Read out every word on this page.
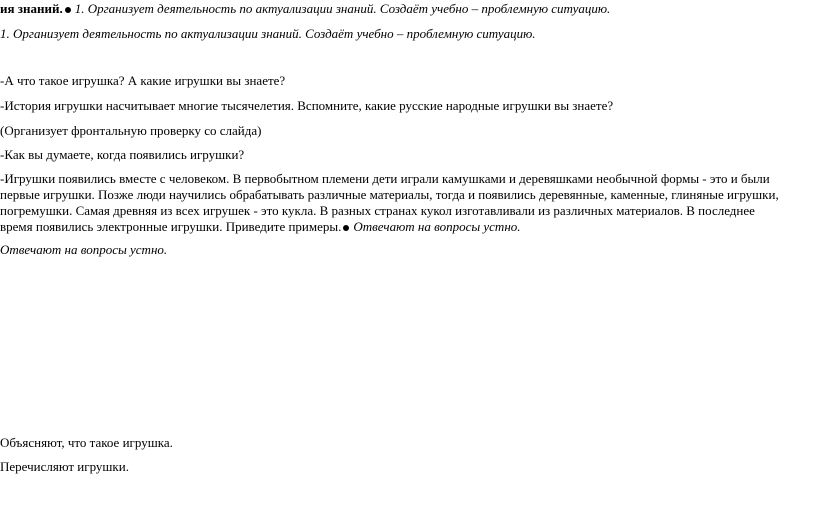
ия знаний. 1. Организует деятельность по актуализации знаний. Создаёт учебно – проблемную ситуацию.
1. Организует деятельность по актуализации знаний. Создаёт учебно – проблемную ситуацию.
-А что такое игрушка? А какие игрушки вы знаете?
-История игрушки насчитывает многие тысячелетия. Вспомните, какие русские народные игрушки вы знаете?
(Организует фронтальную проверку со слайда)
-Как вы думаете, когда появились игрушки?
-Игрушки появились вместе с человеком. В первобытном племени дети играли камушками и деревяшками необычной формы - это и были первые игрушки. Позже люди научились обрабатывать различные материалы, тогда и появились деревянные, каменные, глиняные игрушки, погремушки. Самая древняя из всех игрушек - это кукла. В разных странах кукол изготавливали из различных материалов. В последнее время появились электронные игрушки. Приведите примеры. Отвечают на вопросы устно.
Отвечают на вопросы устно.
Объясняют, что такое игрушка.
Перечисляют игрушки.
